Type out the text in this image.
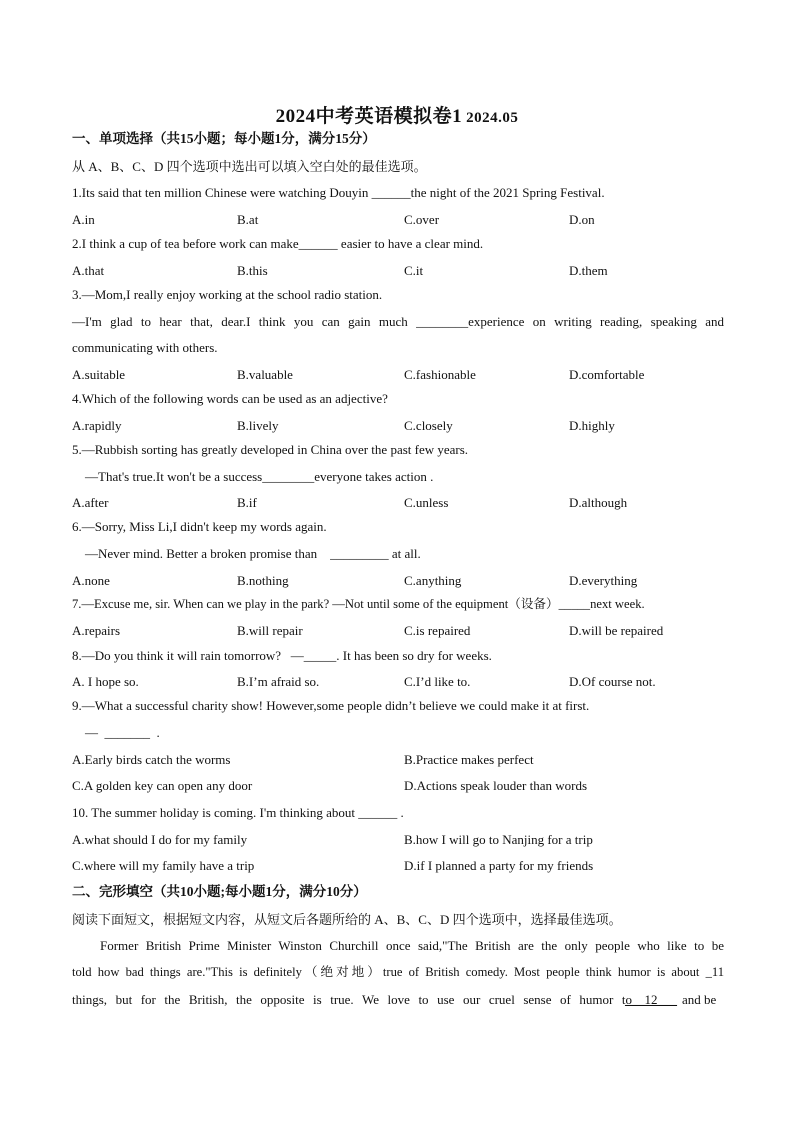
2024中考英语模拟卷1 2024.05
一、单项选择（共15小题；每小题1分，满分15分）
从 A、B、C、D 四个选项中选出可以填入空白处的最佳选项。
1.Its said that ten million Chinese were watching Douyin ______the night of the 2021 Spring Festival.
A.in	B.at	C.over	D.on
2.I think a cup of tea before work can make______ easier to have a clear mind.
A.that	B.this	C.it	D.them
3.—Mom,I really enjoy working at the school radio station.
—I'm glad to hear that, dear.I think you can gain much ________experience on writing reading, speaking and
communicating with others.
A.suitable	B.valuable	C.fashionable	D.comfortable
4.Which of the following words can be used as an adjective?
A.rapidly	B.lively	C.closely	D.highly
5.—Rubbish sorting has greatly developed in China over the past few years.
—That's true.It won't be a success________everyone takes action .
A.after	B.if	C.unless	D.although
6.—Sorry, Miss Li,I didn't keep my words again.
—Never mind. Better a broken promise than    _________ at all.
A.none	B.nothing	C.anything	D.everything
7.—Excuse me, sir. When can we play in the park? —Not until some of the equipment（设备）_____next week.
A.repairs	B.will repair	C.is repaired	D.will be repaired
8.—Do you think it will rain tomorrow?   —_____. It has been so dry for weeks.
A. I hope so.	B.I’m afraid so.	C.I’d like to.	D.Of course not.
9.—What a successful charity show! However,some people didn’t believe we could make it at first.
—  _______  .
A.Early birds catch the worms	B.Practice makes perfect
C.A golden key can open any door	D.Actions speak louder than words
10. The summer holiday is coming. I'm thinking about ______ .
A.what should I do for my family	B.how I will go to Nanjing for a trip
C.where will my family have a trip	D.if I planned a party for my friends
二、完形填空（共10小题;每小题1分，满分10分）
阅读下面短文，根据短文内容，从短文后各题所给的 A、B、C、D 四个选项中，选择最佳选项。
Former British Prime Minister Winston Churchill once said,"The British are the only people who like to be
told how bad things are."This is definitely（绝对地）true of British comedy. Most people think humor is about _11
things, but for the British, the opposite is true. We love to use our cruel sense of humor to
___12___ and be
